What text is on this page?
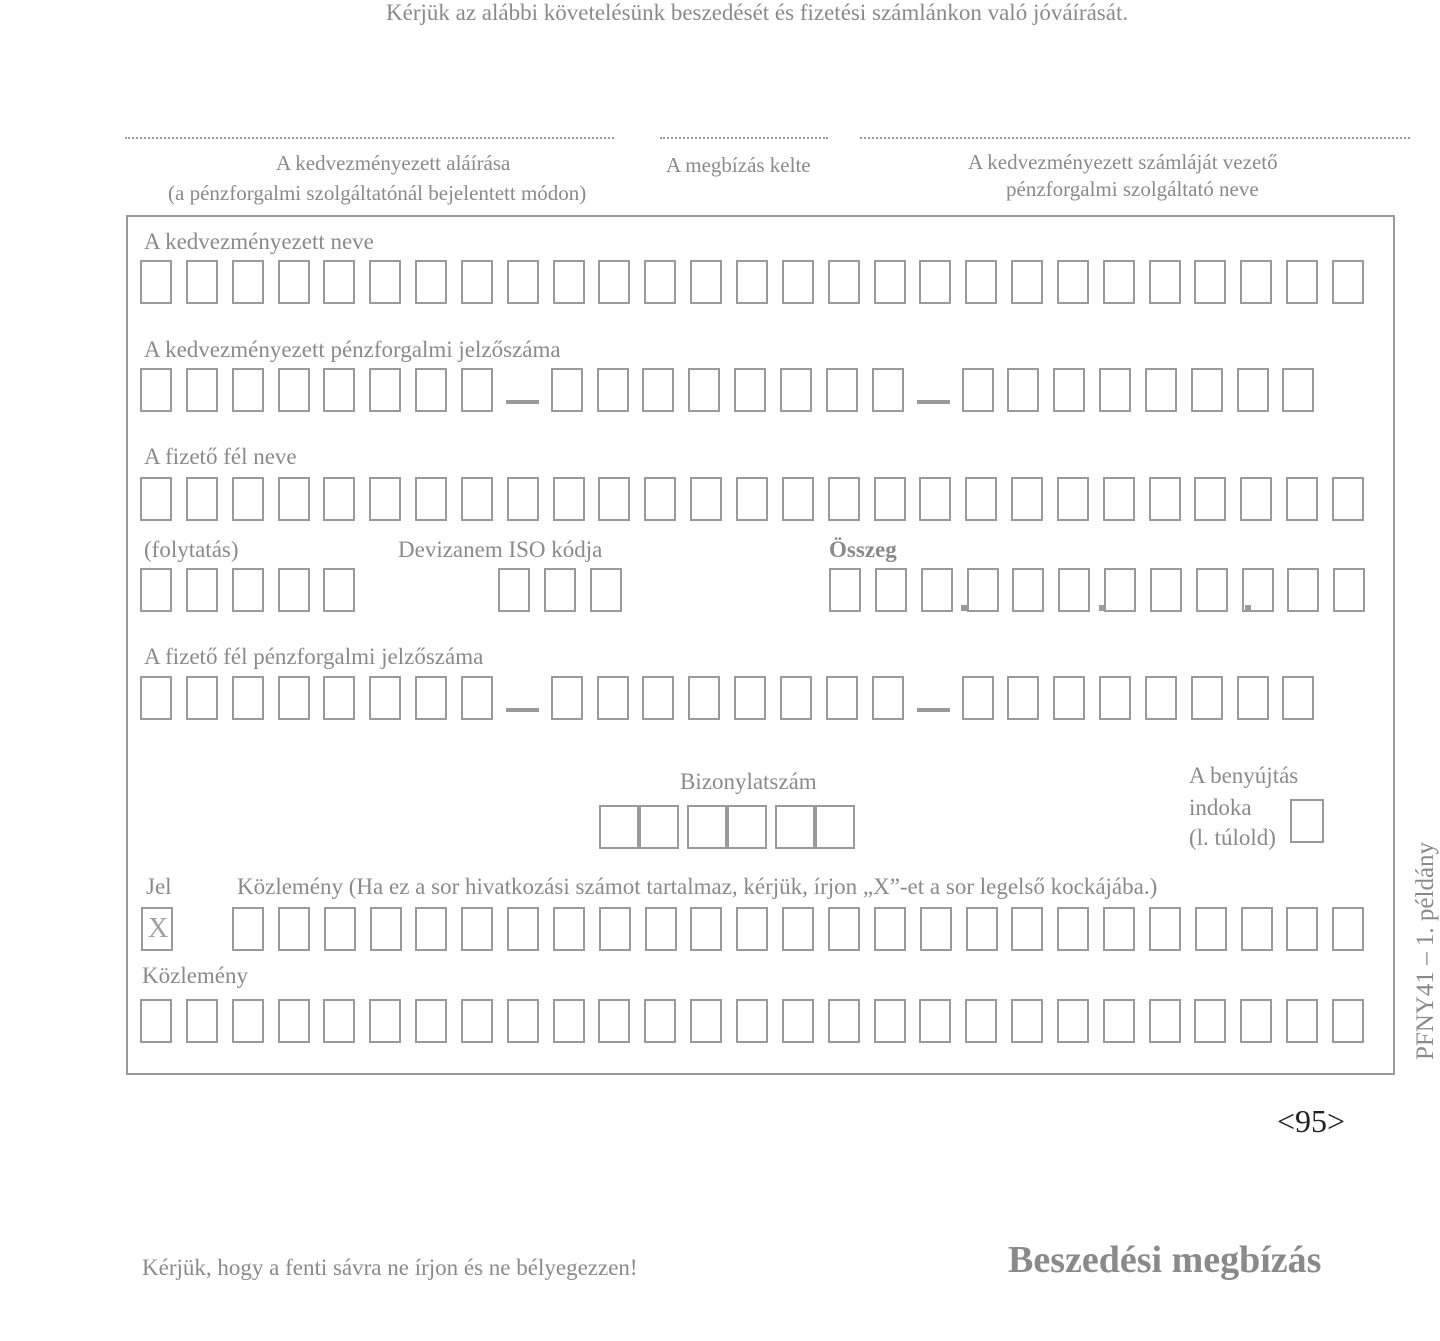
Kérjük az alábbi követelésünk beszedését és fizetési számlánkon való jóváírását.
A kedvezményezett aláírása
(a pénzforgalmi szolgáltatónál bejelentett módon)
A megbízás kelte	A kedvezményezett számláját vezető
pénzforgalmi szolgáltató neve
A kedvezményezett neve
A kedvezményezett pénzforgalmi jelzőszáma
A fizető fél neve
(folytatás)	Devizanem ISO kódja	Összeg
A fizető fél pénzforgalmi jelzőszáma
Bizonylatszám	A benyújtás
indoka
(l. túlold)
Jel	Közlemény (Ha ez a sor hivatkozási számot tartalmaz, kérjük, írjon „X”-et a sor legelső kockájába.)
X
Közlemény	PFNY41 – 1. példány
<95>
Kérjük, hogy a fenti sávra ne írjon és ne bélyegezzen!	Beszedési megbízás
